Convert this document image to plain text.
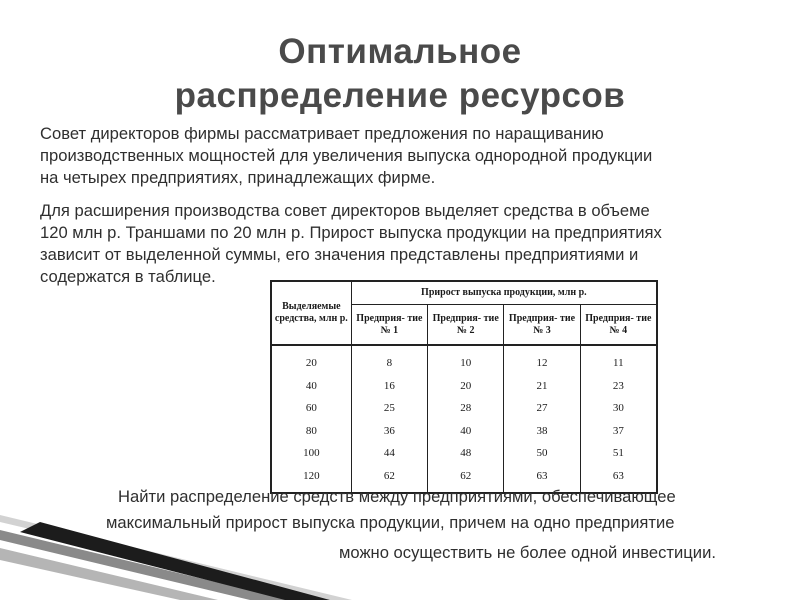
Оптимальное
распределение ресурсов
Совет директоров фирмы рассматривает предложения по наращиванию
производственных мощностей для увеличения выпуска однородной продукции
на четырех предприятиях, принадлежащих фирме.
Для расширения производства совет директоров выделяет средства в объеме
120 млн р. Траншами по 20 млн р. Прирост выпуска продукции на предприятиях
зависит от выделенной суммы, его значения представлены предприятиями и
содержатся в таблице.
Выделяемые средства, млн р.	Прирост выпуска продукции, млн р.			
	Предприя- тие № 1	Предприя- тие № 2	Предприя- тие № 3	Предприя- тие № 4
20	8	10	12	11
40	16	20	21	23
60	25	28	27	30
80	36	40	38	37
100	44	48	50	51
120	62	62	63	63
Найти распределение средств между предприятиями, обеспечивающее
максимальный прирост выпуска продукции, причем на одно предприятие
можно осуществить не более одной инвестиции.
